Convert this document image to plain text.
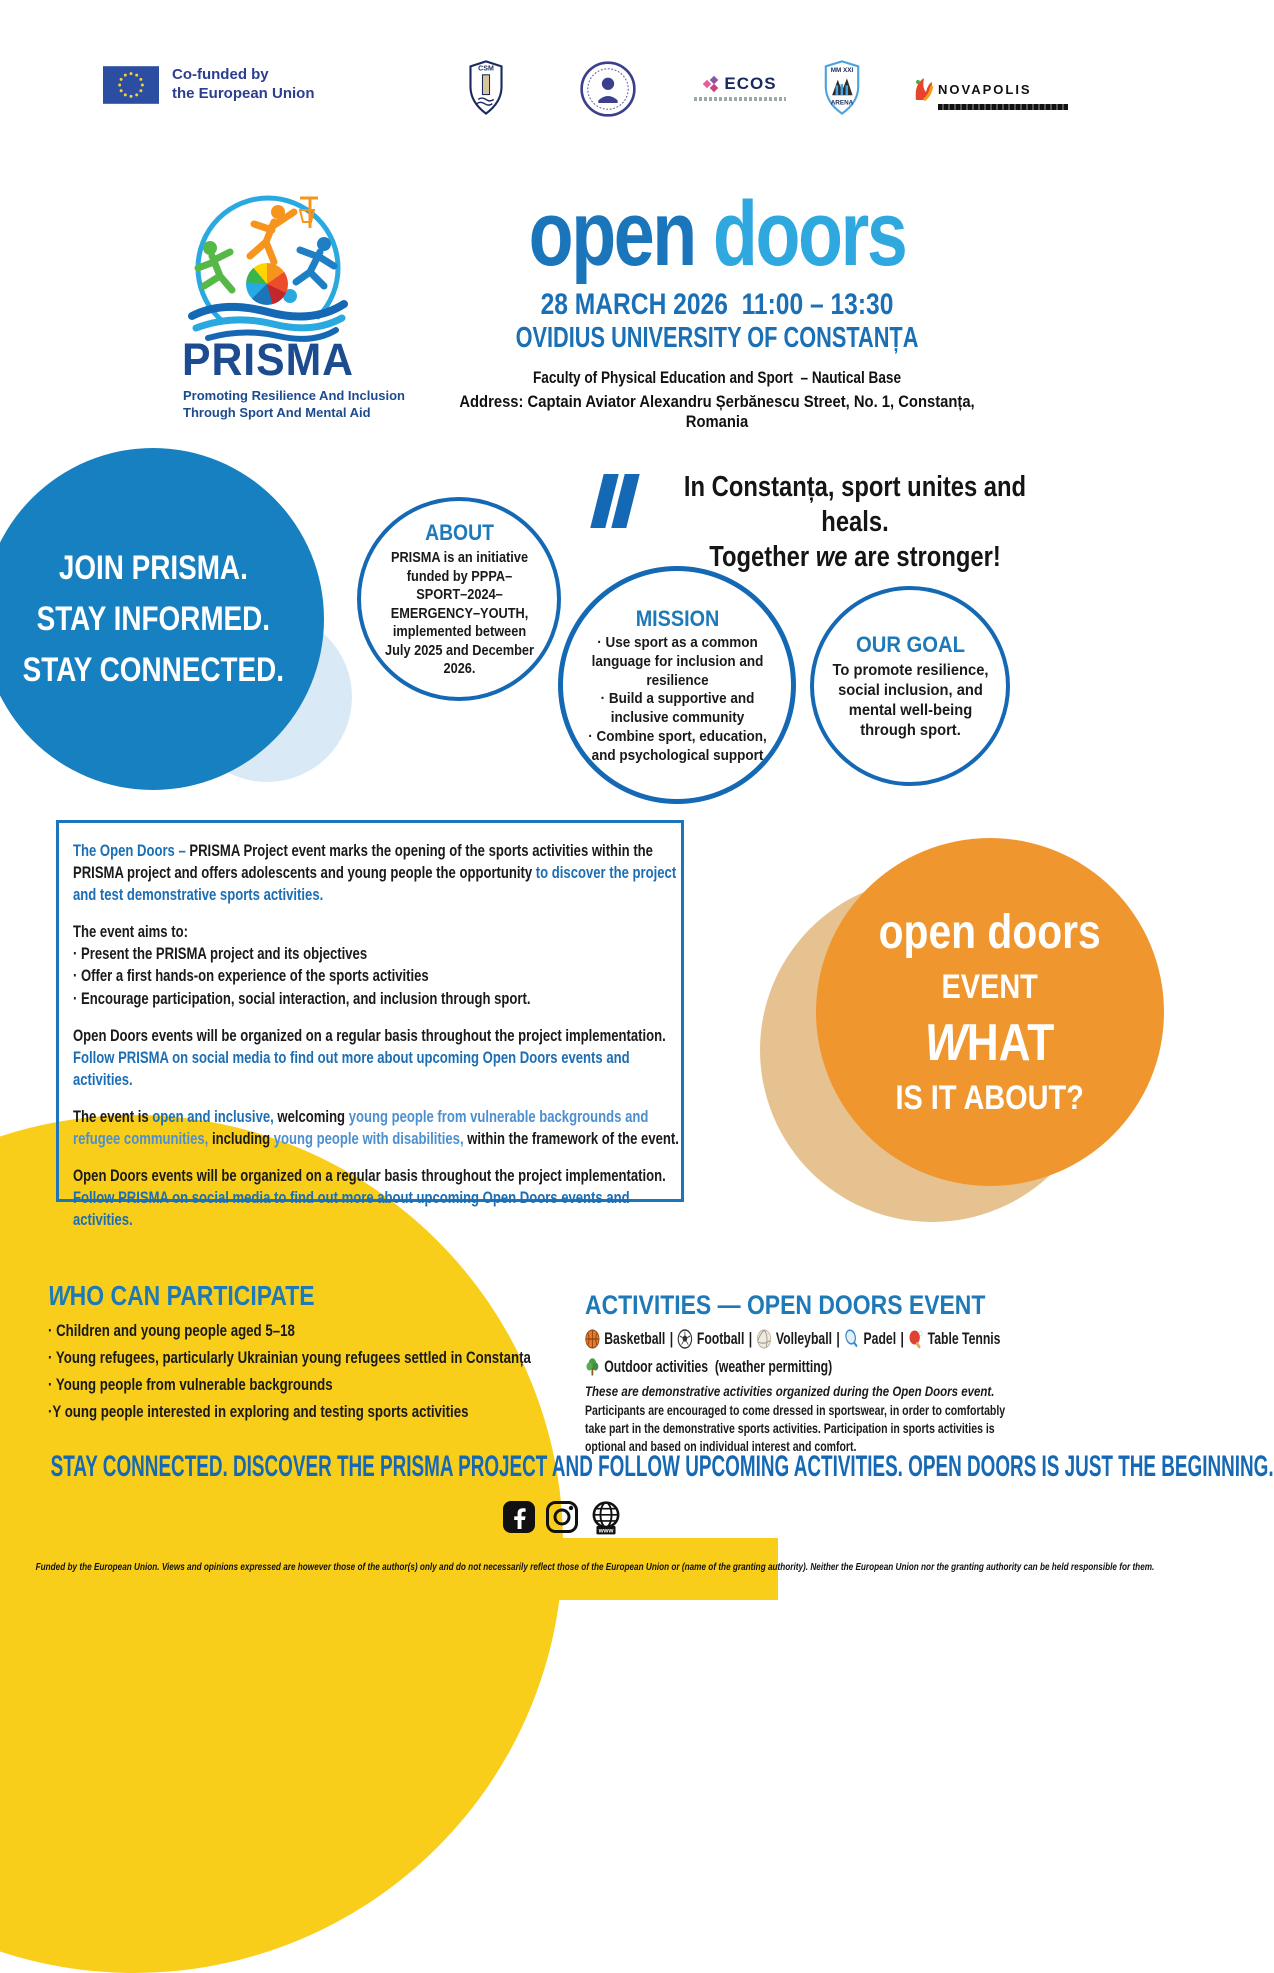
Co-funded by
the European Union
CSM
ECOS
MM XXI
ARENA
NOVAPOLIS
PRISMA
Promoting Resilience And Inclusion
Through Sport And Mental Aid
open doors
28 MARCH 2026  11:00 – 13:30
OVIDIUS UNIVERSITY OF CONSTANȚA
Faculty of Physical Education and Sport  – Nautical Base
Address: Captain Aviator Alexandru Șerbănescu Street, No. 1, Constanța, Romania
JOIN PRISMA.
STAY INFORMED.
STAY CONNECTED.
ABOUT
PRISMA is an initiative funded by PPPA–SPORT–2024–EMERGENCY–YOUTH, implemented between July 2025 and December 2026.
In Constanța, sport unites and heals.
Together we are stronger!
MISSION
· Use sport as a common language for inclusion and resilience
· Build a supportive and inclusive community
· Combine sport, education, and psychological support
OUR GOAL
To promote resilience, social inclusion, and mental well-being through sport.

The Open Doors – PRISMA Project event marks the opening of the sports activities within the PRISMA project and offers adolescents and young people the opportunity to discover the project and test demonstrative sports activities.

The event aims to:
· Present the PRISMA project and its objectives
· Offer a first hands-on experience of the sports activities
· Encourage participation, social interaction, and inclusion through sport.

Open Doors events will be organized on a regular basis throughout the project implementation.
Follow PRISMA on social media to find out more about upcoming Open Doors events and activities.

The event is open and inclusive, welcoming young people from vulnerable backgrounds and refugee communities, including young people with disabilities, within the framework of the event.

Open Doors events will be organized on a regular basis throughout the project implementation.
Follow PRISMA on social media to find out more about upcoming Open Doors events and activities.

open doors
EVENT
WHAT
IS IT ABOUT?
WHO CAN PARTICIPATE
· Children and young people aged 5–18
· Young refugees, particularly Ukrainian young refugees settled in Constanța
· Young people from vulnerable backgrounds
·Y oung people interested in exploring and testing sports activities
ACTIVITIES — OPEN DOORS EVENT
Basketball | Football | Volleyball | Padel | Table Tennis
Outdoor activities  (weather permitting)
These are demonstrative activities organized during the Open Doors event.
Participants are encouraged to come dressed in sportswear, in order to comfortably take part in the demonstrative sports activities. Participation in sports activities is optional and based on individual interest and comfort.
STAY CONNECTED. DISCOVER THE PRISMA PROJECT AND FOLLOW UPCOMING ACTIVITIES. OPEN DOORS IS JUST THE BEGINNING.
www
Funded by the European Union. Views and opinions expressed are however those of the author(s) only and do not necessarily reflect those of the European Union or (name of the granting authority). Neither the European Union nor the granting authority can be held responsible for them.
